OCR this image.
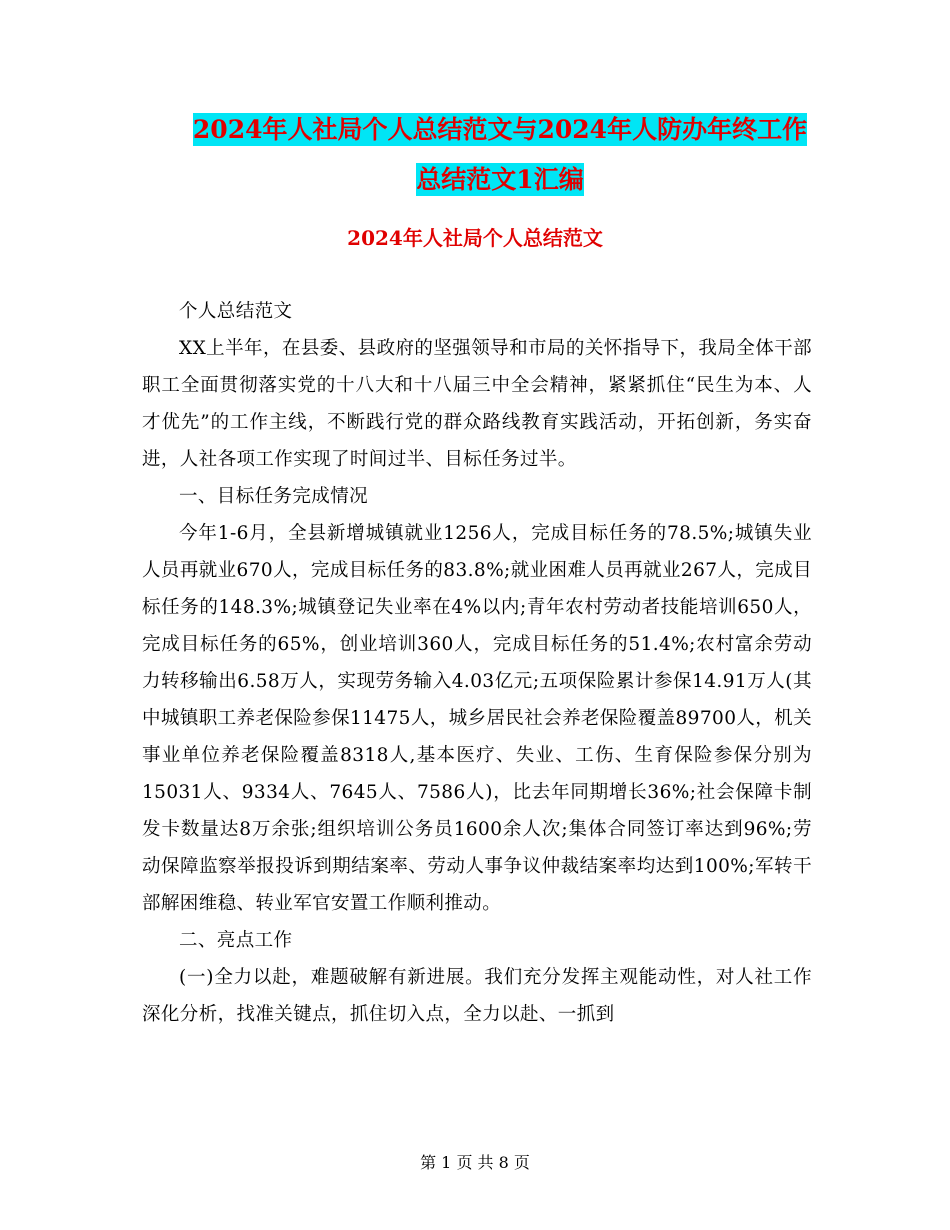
2024年人社局个人总结范文与2024年人防办年终工作
总结范文1汇编
2024年人社局个人总结范文

个人总结范文

XX上半年，在县委、县政府的坚强领导和市局的关怀指导下，我局全体干部职工全面贯彻落实党的十八大和十八届三中全会精神，紧紧抓住“民生为本、人才优先”的工作主线，不断践行党的群众路线教育实践活动，开拓创新，务实奋进，人社各项工作实现了时间过半、目标任务过半。

一、目标任务完成情况

今年1-6月，全县新增城镇就业1256人，完成目标任务的78.5%;城镇失业人员再就业670人，完成目标任务的83.8%;就业困难人员再就业267人，完成目标任务的148.3%;城镇登记失业率在4%以内;青年农村劳动者技能培训650人，完成目标任务的65%，创业培训360人，完成目标任务的51.4%;农村富余劳动力转移输出6.58万人，实现劳务输入4.03亿元;五项保险累计参保14.91万人(其中城镇职工养老保险参保11475人，城乡居民社会养老保险覆盖89700人，机关事业单位养老保险覆盖8318人,基本医疗、失业、工伤、生育保险参保分别为15031人、9334人、7645人、7586人)，比去年同期增长36%;社会保障卡制发卡数量达8万余张;组织培训公务员1600余人次;集体合同签订率达到96%;劳动保障监察举报投诉到期结案率、劳动人事争议仲裁结案率均达到100%;军转干部解困维稳、转业军官安置工作顺利推动。

二、亮点工作

(一)全力以赴，难题破解有新进展。我们充分发挥主观能动性，对人社工作深化分析，找准关键点，抓住切入点，全力以赴、一抓到

第 1 页 共 8 页
